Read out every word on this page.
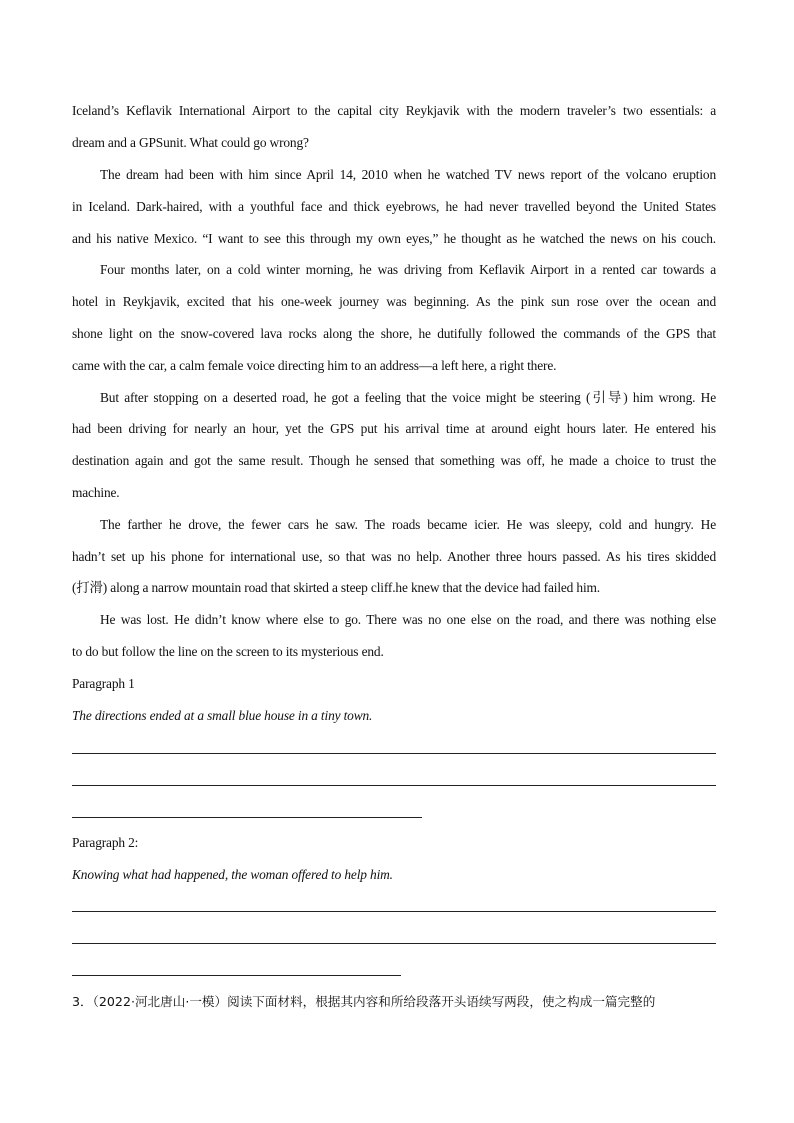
Iceland’s Keflavik International Airport to the capital city Reykjavik with the modern traveler’s two essentials: a
dream and a GPSunit. What could go wrong?
The dream had been with him since April 14, 2010 when he watched TV news report of the volcano eruption
in Iceland. Dark-haired, with a youthful face and thick eyebrows, he had never travelled beyond the United States
and his native Mexico. “I want to see this through my own eyes,” he thought as he watched the news on his couch.
Four months later, on a cold winter morning, he was driving from Keflavik Airport in a rented car towards a
hotel in Reykjavik, excited that his one-week journey was beginning. As the pink sun rose over the ocean and
shone light on the snow-covered lava rocks along the shore, he dutifully followed the commands of the GPS that
came with the car, a calm female voice directing him to an address—a left here, a right there.
But after stopping on a deserted road, he got a feeling that the voice might be steering (引导) him wrong. He
had been driving for nearly an hour, yet the GPS put his arrival time at around eight hours later. He entered his
destination again and got the same result. Though he sensed that something was off, he made a choice to trust the
machine.
The farther he drove, the fewer cars he saw. The roads became icier. He was sleepy, cold and hungry. He
hadn’t set up his phone for international use, so that was no help. Another three hours passed. As his tires skidded
(打滑) along a narrow mountain road that skirted a steep cliff.he knew that the device had failed him.
He was lost. He didn’t know where else to go. There was no one else on the road, and there was nothing else
to do but follow the line on the screen to its mysterious end.
Paragraph 1
The directions ended at a small blue house in a tiny town.
Paragraph 2:
Knowing what had happened, the woman offered to help him.
3．（2022·河北唐山·一模）阅读下面材料，根据其内容和所给段落开头语续写两段，使之构成一篇完整的
